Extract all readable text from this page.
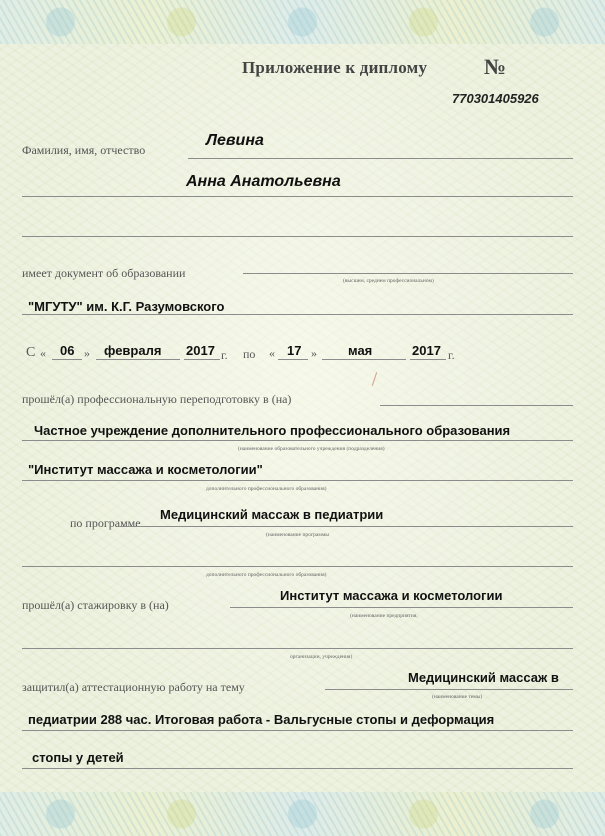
Приложение к диплому	№
770301405926
Фамилия, имя, отчество
Левина
Анна Анатольевна
имеет документ об образовании
(высшем, среднем профессиональном)
"МГУТУ" им. К.Г. Разумовского
С « 06 » февраля 2017 г. по « 17 » мая	2017 г.
прошёл(а) профессиональную переподготовку в (на)
Частное учреждение дополнительного профессионального образования
(наименование образовательного учреждения (подразделения)
"Институт массажа и косметологии"
дополнительного профессионального образования)
по программе
Медицинский массаж в педиатрии
(наименование программы
дополнительного профессионального образования)
прошёл(а) стажировку в (на)
Институт массажа и косметологии
(наименование предприятия,
организации, учреждения)
защитил(а) аттестационную работу на тему
Медицинский массаж в
(наименование темы)
педиатрии 288 час. Итоговая работа - Вальгусные стопы и деформация
стопы у детей
